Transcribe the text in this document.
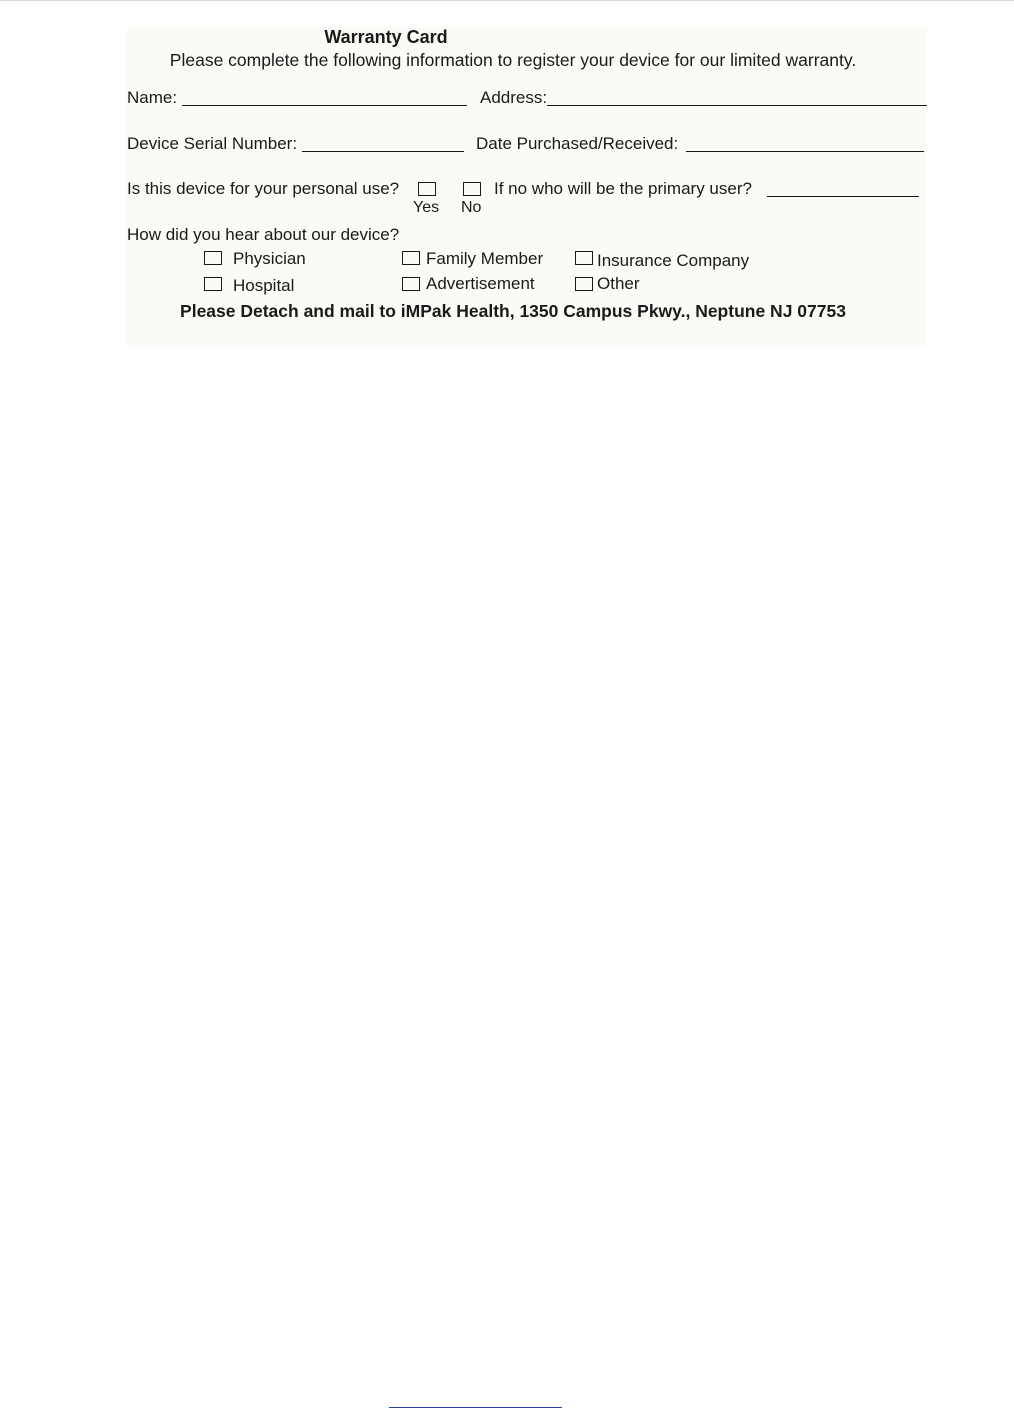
Warranty Card
Please complete the following information to register your device for our limited warranty.
Name:	Address:
Device Serial Number:	Date Purchased/Received:
Is this device for your personal use?
Yes No
If no who will be the primary user?
How did you hear about our device?
Physician	Family Member	Insurance Company
Hospital	Advertisement	Other
Please Detach and mail to iMPak Health, 1350 Campus Pkwy., Neptune NJ 07753
